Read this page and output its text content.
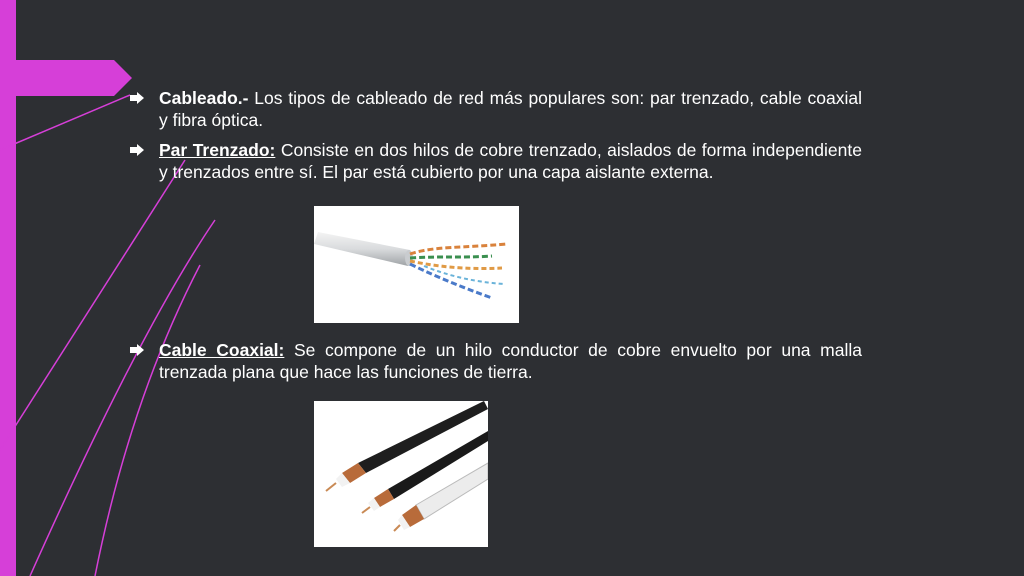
Cableado.- Los tipos de cableado de red más populares son: par trenzado, cable coaxial y fibra óptica.
Par Trenzado: Consiste en dos hilos de cobre trenzado, aislados de forma independiente y trenzados entre sí. El par está cubierto por una capa aislante externa.
Cable Coaxial: Se compone de un hilo conductor de cobre envuelto por una malla trenzada plana que hace las funciones de tierra.
